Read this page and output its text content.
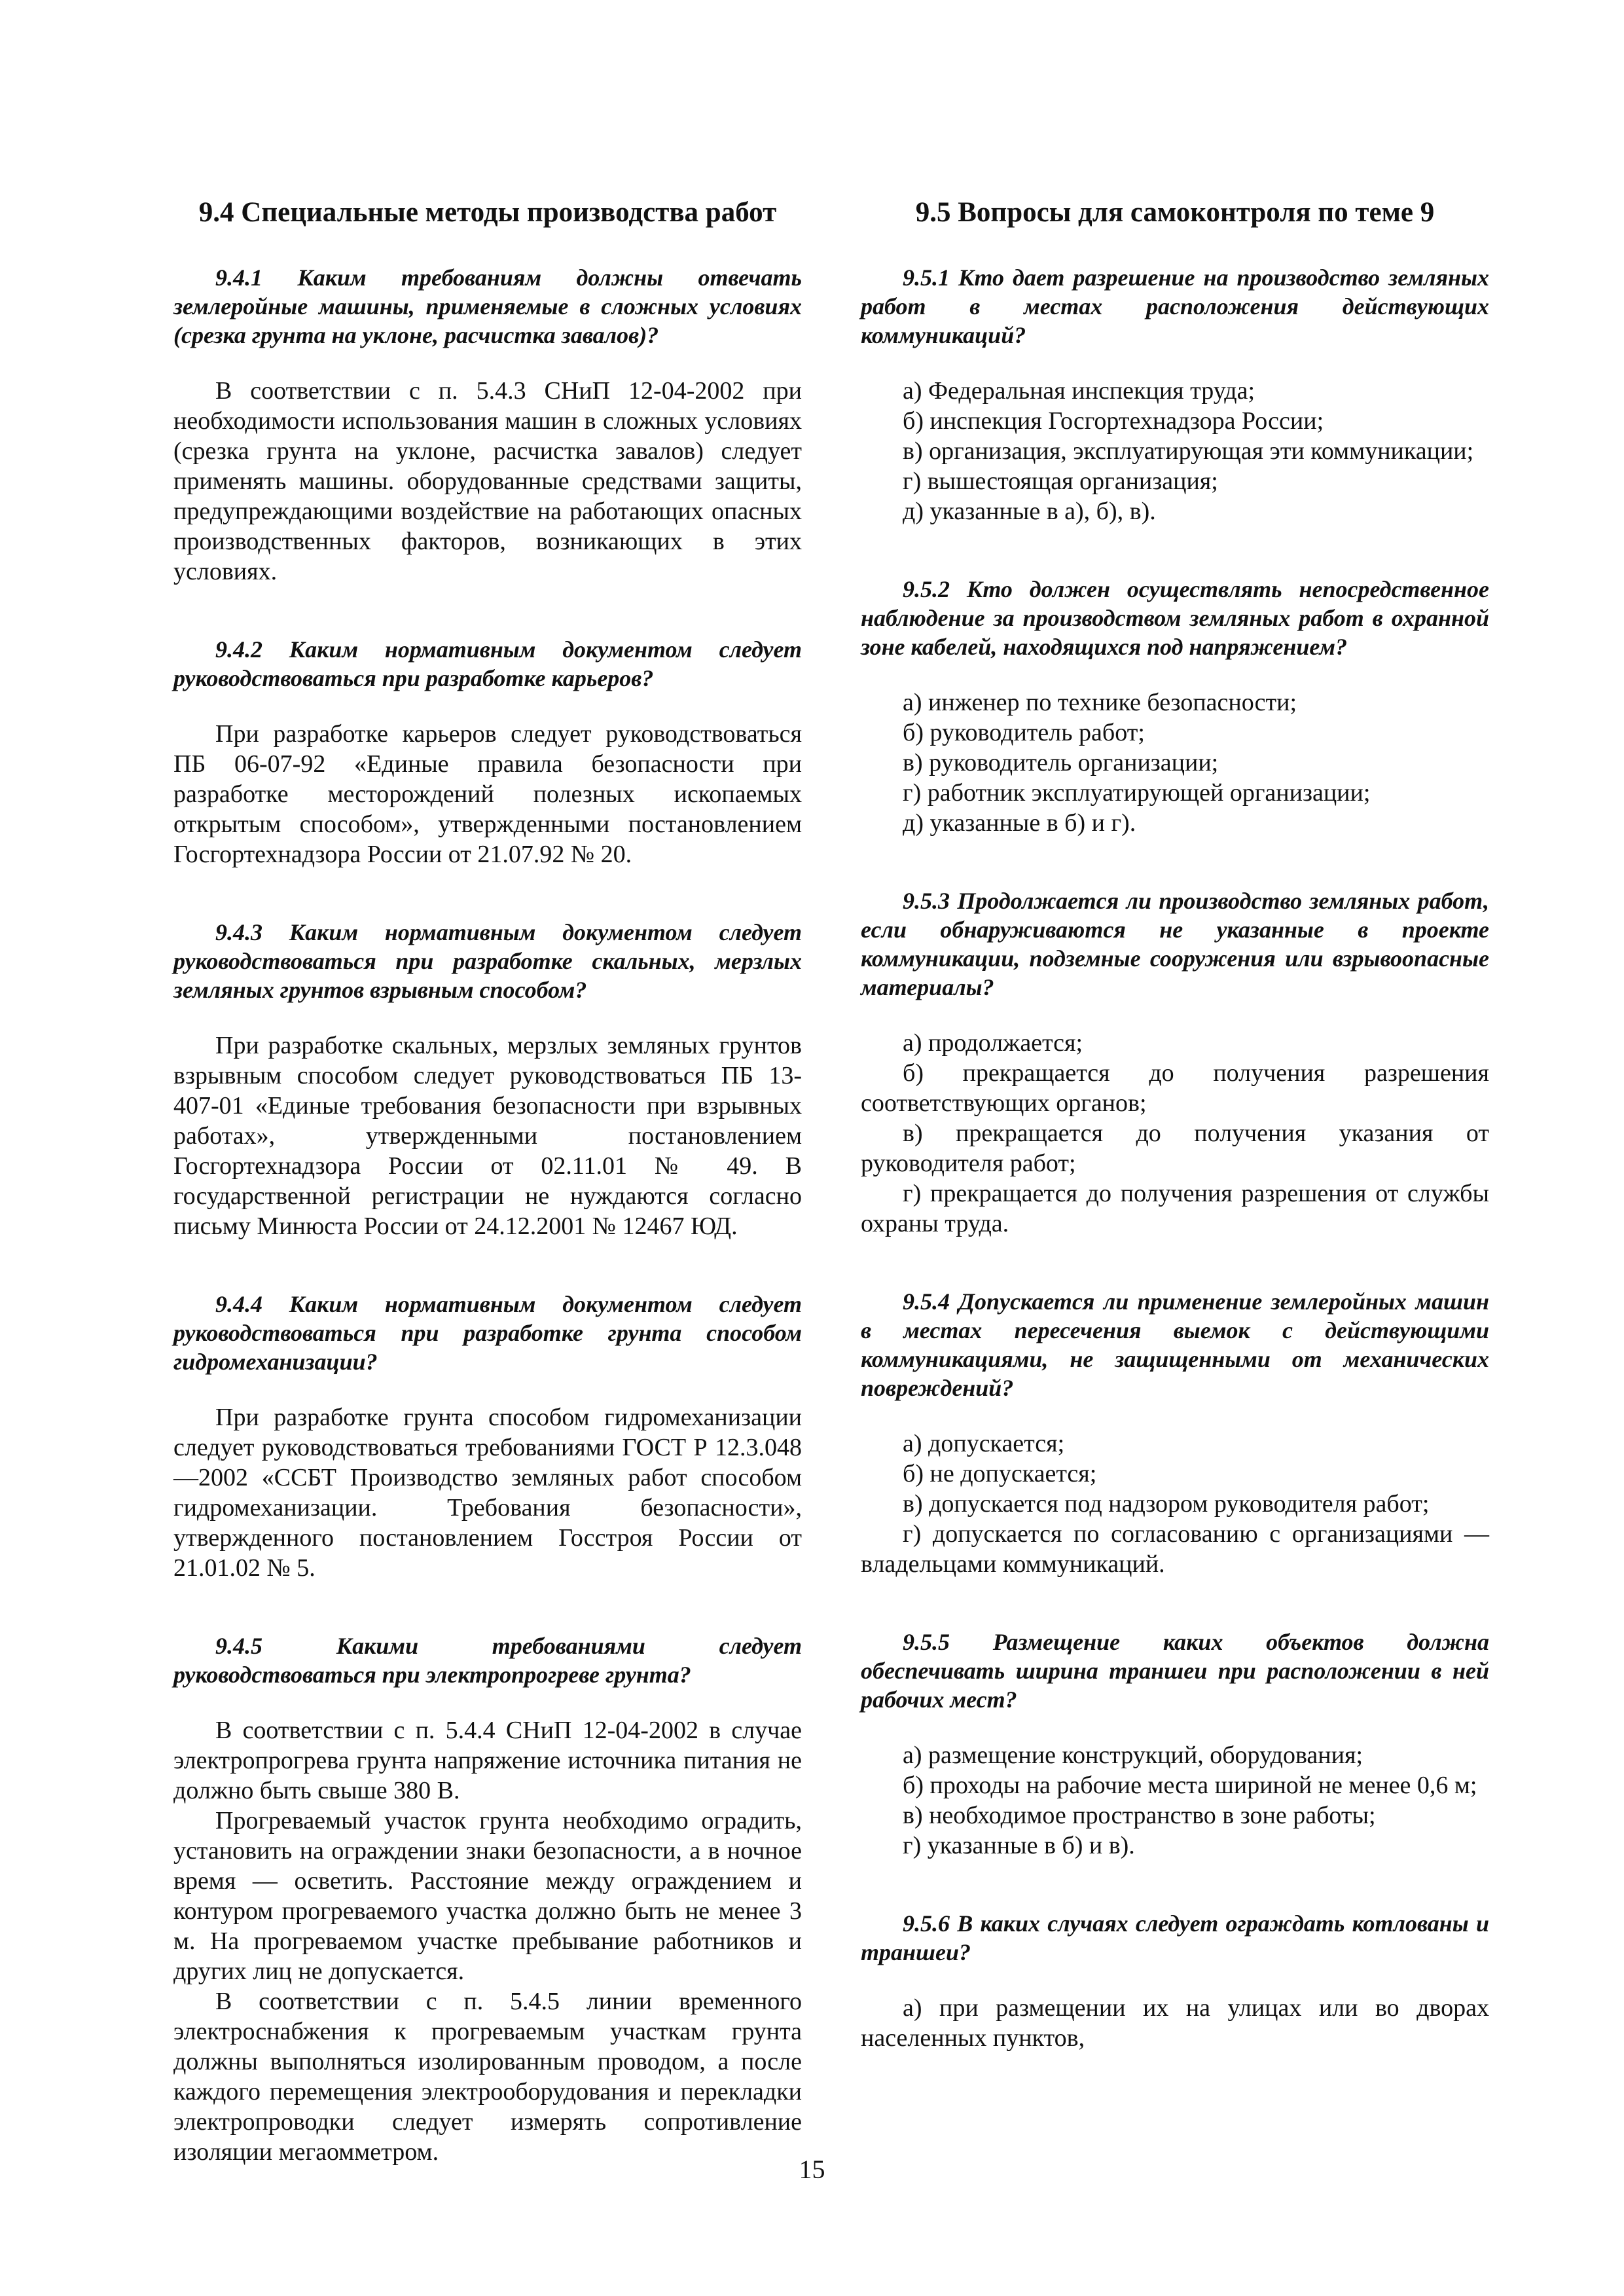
9.4 Специальные методы производства работ

9.4.1 Каким требованиям должны отвечать землеройные машины, применяемые в сложных условиях (срезка грунта на уклоне, расчистка завалов)?

В соответствии с п. 5.4.3 СНиП 12-04-2002 при необходимости использования машин в сложных условиях (срезка грунта на уклоне, расчистка завалов) следует применять машины. оборудованные средствами защиты, предупреждающими воздействие на работающих опасных производственных факторов, возникающих в этих условиях.

9.4.2 Каким нормативным документом следует руководствоваться при разработке карьеров?

При разработке карьеров следует руководствоваться ПБ 06-07-92 «Единые правила безопасности при разработке месторождений полезных ископаемых открытым способом», утвержденными постановлением Госгортехнадзора России от 21.07.92 № 20.

9.4.3 Каким нормативным документом следует руководствоваться при разработке скальных, мерзлых земляных грунтов взрывным способом?

При разработке скальных, мерзлых земляных грунтов взрывным способом следует руководствоваться ПБ 13-407-01 «Единые требования безопасности при взрывных работах», утвержденными постановлением Госгортехнадзора России от 02.11.01 № 49. В государственной регистрации не нуждаются согласно письму Минюста России от 24.12.2001 № 12467 ЮД.

9.4.4 Каким нормативным документом следует руководствоваться при разработке грунта способом гидромеханизации?

При разработке грунта способом гидромеханизации следует руководствоваться требованиями ГОСТ Р 12.3.048—2002 «ССБТ Производство земляных работ способом гидромеханизации. Требования безопасности», утвержденного постановлением Госстроя России от 21.01.02 № 5.

9.4.5 Какими требованиями следует руководствоваться при электропрогреве грунта?

В соответствии с п. 5.4.4 СНиП 12-04-2002 в случае электропрогрева грунта напряжение источника питания не должно быть свыше 380 В.

Прогреваемый участок грунта необходимо оградить, установить на ограждении знаки безопасности, а в ночное время — осветить. Расстояние между ограждением и контуром прогреваемого участка должно быть не менее 3 м. На прогреваемом участке пребывание работников и других лиц не допускается.

В соответствии с п. 5.4.5 линии временного электроснабжения к прогреваемым участкам грунта должны выполняться изолированным проводом, а после каждого перемещения электрооборудования и перекладки электропроводки следует измерять сопротивление изоляции мегаомметром.

9.5 Вопросы для самоконтроля по теме 9

9.5.1 Кто дает разрешение на производство земляных работ в местах расположения действующих коммуникаций?

а) Федеральная инспекция труда;

б) инспекция Госгортехнадзора России;

в) организация, эксплуатирующая эти коммуникации;

г) вышестоящая организация;

д) указанные в а), б), в).

9.5.2 Кто должен осуществлять непосредственное наблюдение за производством земляных работ в охранной зоне кабелей, находящихся под напряжением?

а) инженер по технике безопасности;

б) руководитель работ;

в) руководитель организации;

г) работник эксплуатирующей организации;

д) указанные в б) и г).

9.5.3 Продолжается ли производство земляных работ, если обнаруживаются не указанные в проекте коммуникации, подземные сооружения или взрывоопасные материалы?

а) продолжается;

б) прекращается до получения разрешения соответствующих органов;

в) прекращается до получения указания от руководителя работ;

г) прекращается до получения разрешения от службы охраны труда.

9.5.4 Допускается ли применение землеройных машин в местах пересечения выемок с действующими коммуникациями, не защищенными от механических повреждений?

а) допускается;

б) не допускается;

в) допускается под надзором руководителя работ;

г) допускается по согласованию с организациями — владельцами коммуникаций.

9.5.5 Размещение каких объектов должна обеспечивать ширина траншеи при расположении в ней рабочих мест?

а) размещение конструкций, оборудования;

б) проходы на рабочие места шириной не менее 0,6 м;

в) необходимое пространство в зоне работы;

г) указанные в б) и в).

9.5.6 В каких случаях следует ограждать котлованы и траншеи?

а) при размещении их на улицах или во дворах населенных пунктов,

15
